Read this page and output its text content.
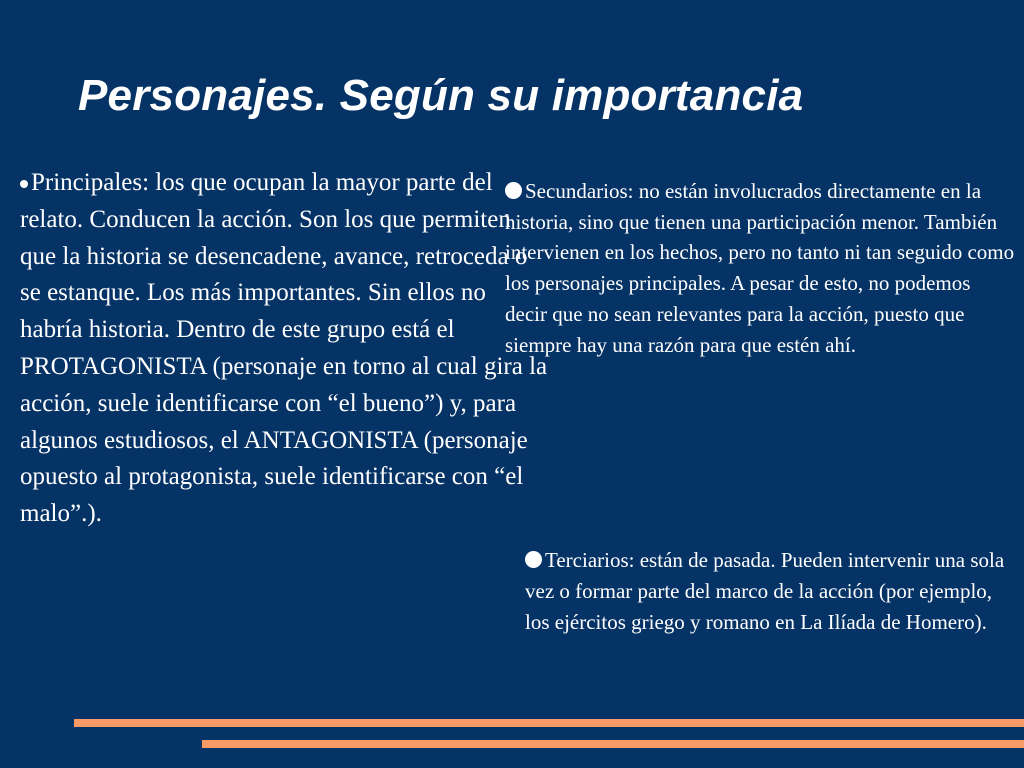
Personajes. Según su importancia

Principales: los que ocupan la mayor parte del relato. Conducen la acción. Son los que permiten que la historia se desencadene, avance, retroceda o se estanque. Los más importantes. Sin ellos no habría historia. Dentro de este grupo está el PROTAGONISTA (personaje en torno al cual gira la acción, suele identificarse con “el bueno”) y, para algunos estudiosos, el ANTAGONISTA (personaje opuesto al protagonista, suele identificarse con “el malo”.).

Secundarios: no están involucrados directamente en la historia, sino que tienen una participación menor. También intervienen en los hechos, pero no tanto ni tan seguido como los personajes principales. A pesar de esto, no podemos decir que no sean relevantes para la acción, puesto que siempre hay una razón para que estén ahí.

Terciarios: están de pasada. Pueden intervenir una sola vez o formar parte del marco de la acción (por ejemplo, los ejércitos griego y romano en La Ilíada de Homero).
